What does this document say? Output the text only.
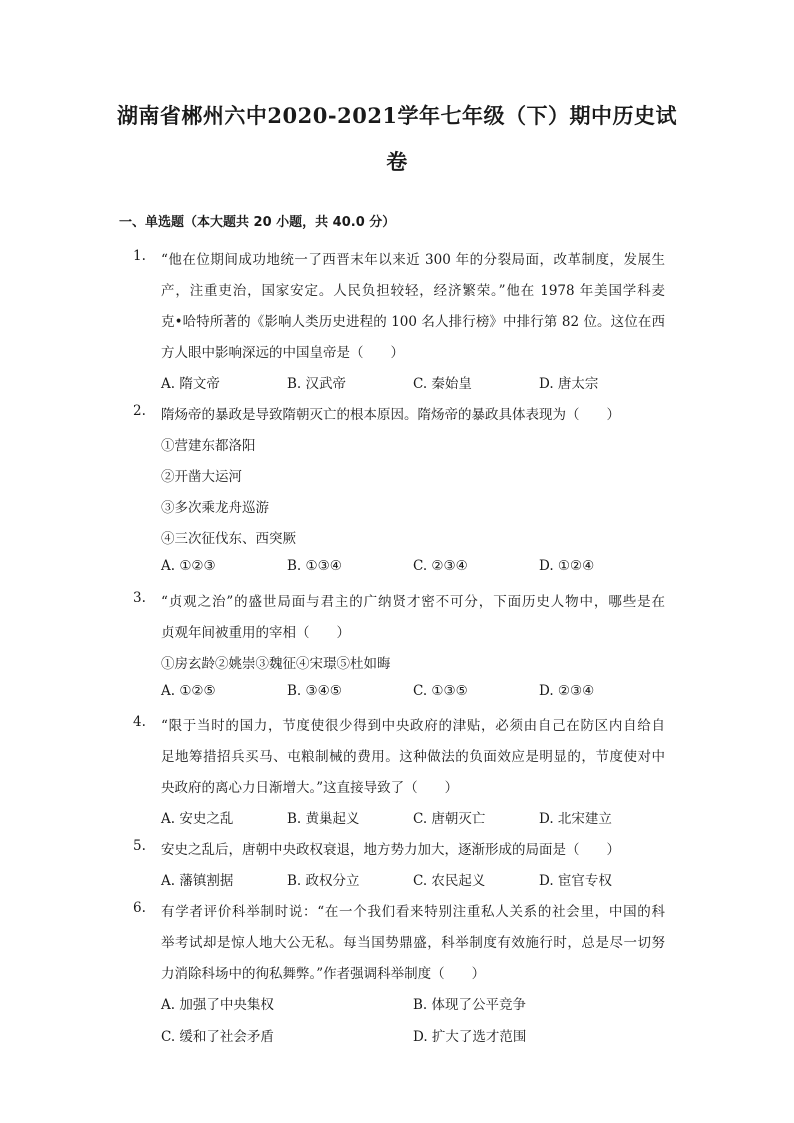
湖南省郴州六中2020-2021学年七年级（下）期中历史试
卷
一、单选题（本大题共 20 小题，共 40.0 分）
1. “他在位期间成功地统一了西晋末年以来近 300 年的分裂局面，改革制度，发展生
产，注重吏治，国家安定。人民负担较轻，经济繁荣。”他在 1978 年美国学科麦
克•哈特所著的《影响人类历史进程的 100 名人排行榜》中排行第 82 位。这位在西
方人眼中影响深远的中国皇帝是（　　）
A. 隋文帝	B. 汉武帝	C. 秦始皇	D. 唐太宗
2. 隋炀帝的暴政是导致隋朝灭亡的根本原因。隋炀帝的暴政具体表现为（　　）
①营建东都洛阳
②开凿大运河
③多次乘龙舟巡游
④三次征伐东、西突厥
A. ①②③	B. ①③④	C. ②③④	D. ①②④
3. “贞观之治”的盛世局面与君主的广纳贤才密不可分，下面历史人物中，哪些是在
贞观年间被重用的宰相（　　）
①房玄龄②姚崇③魏征④宋璟⑤杜如晦
A. ①②⑤	B. ③④⑤	C. ①③⑤	D. ②③④
4. “限于当时的国力，节度使很少得到中央政府的津贴，必须由自己在防区内自给自
足地筹措招兵买马、屯粮制械的费用。这种做法的负面效应是明显的，节度使对中
央政府的离心力日渐增大。”这直接导致了（　　）
A. 安史之乱	B. 黄巢起义	C. 唐朝灭亡	D. 北宋建立
5. 安史之乱后，唐朝中央政权衰退，地方势力加大，逐渐形成的局面是（　　）
A. 藩镇割据	B. 政权分立	C. 农民起义	D. 宦官专权
6. 有学者评价科举制时说：“在一个我们看来特别注重私人关系的社会里，中国的科
举考试却是惊人地大公无私。每当国势鼎盛，科举制度有效施行时，总是尽一切努
力消除科场中的徇私舞弊。”作者强调科举制度（　　）
A. 加强了中央集权	B. 体现了公平竞争
C. 缓和了社会矛盾	D. 扩大了选才范围
